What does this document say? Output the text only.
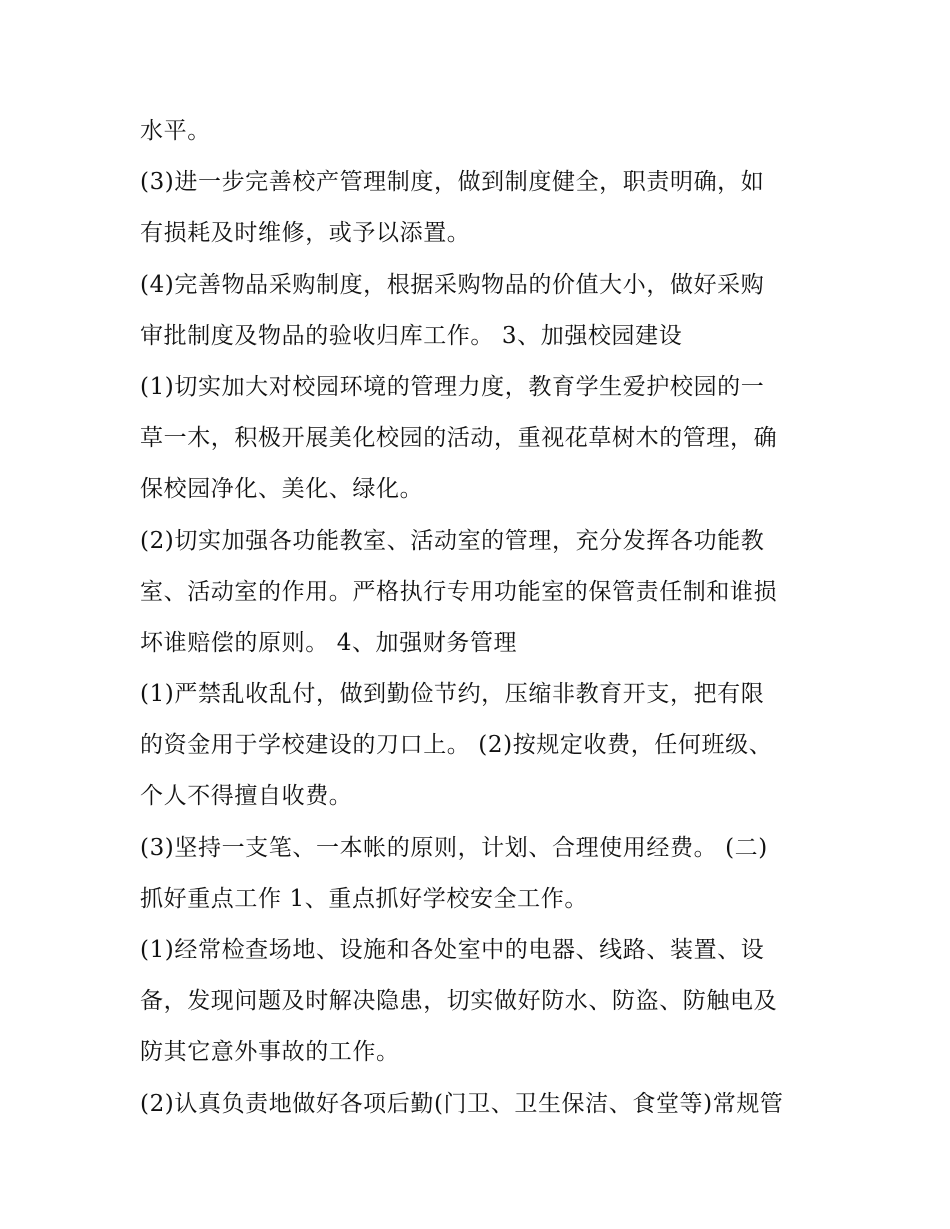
水平。
(3)进一步完善校产管理制度，做到制度健全，职责明确，如
有损耗及时维修，或予以添置。
(4)完善物品采购制度，根据采购物品的价值大小，做好采购
审批制度及物品的验收归库工作。 3、加强校园建设
(1)切实加大对校园环境的管理力度，教育学生爱护校园的一
草一木，积极开展美化校园的活动，重视花草树木的管理，确
保校园净化、美化、绿化。
(2)切实加强各功能教室、活动室的管理，充分发挥各功能教
室、活动室的作用。严格执行专用功能室的保管责任制和谁损
坏谁赔偿的原则。 4、加强财务管理
(1)严禁乱收乱付，做到勤俭节约，压缩非教育开支，把有限
的资金用于学校建设的刀口上。 (2)按规定收费，任何班级、
个人不得擅自收费。
(3)坚持一支笔、一本帐的原则，计划、合理使用经费。 (二)
抓好重点工作 1、重点抓好学校安全工作。
(1)经常检查场地、设施和各处室中的电器、线路、装置、设
备，发现问题及时解决隐患，切实做好防水、防盗、防触电及
防其它意外事故的工作。
(2)认真负责地做好各项后勤(门卫、卫生保洁、食堂等)常规管
